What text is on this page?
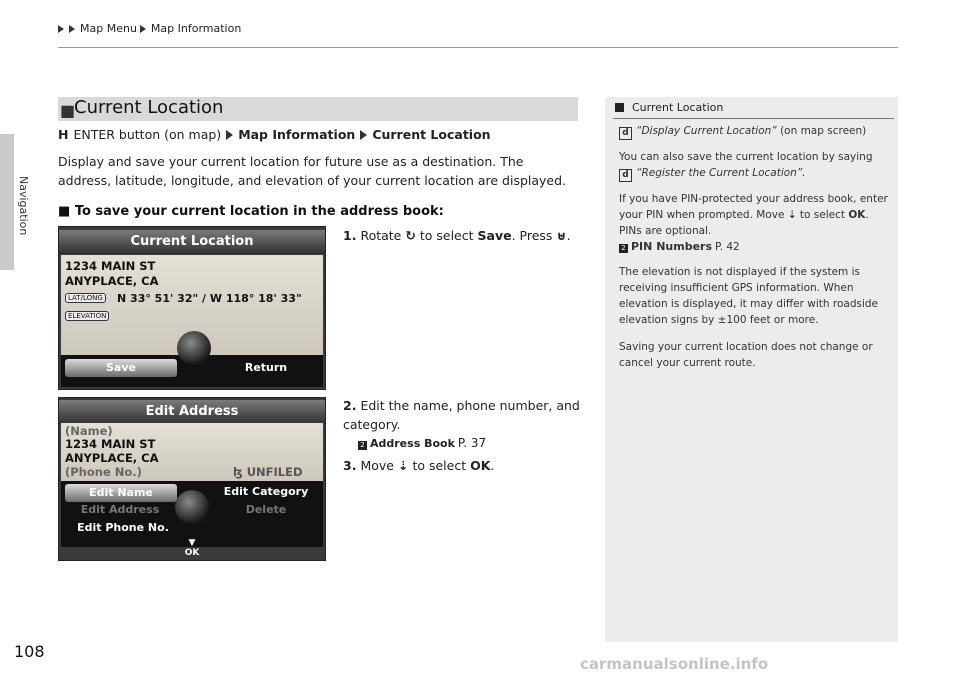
Map Menu Map Information
Navigation
■
Current Location
H ENTER button (on map) Map Information Current Location
Display and save your current location for future use as a destination. The address, latitude, longitude, and elevation of your current location are displayed.
■ To save your current location in the address book:
Current Location
1234 MAIN ST
ANYPLACE, CA
LAT/LONG N 33° 51' 32" / W 118° 18' 33"
ELEVATION
Save	Return
Edit Address
(Name)
1234 MAIN ST
ANYPLACE, CA
(Phone No.)	ɮ UNFILED
Edit Name	Edit Category
Edit Address	Delete
Edit Phone No.
▼
OK
1. Rotate ↻ to select Save. Press ⊍.
2. Edit the name, phone number, and category.
2 Address Book P. 37
3. Move ⇣ to select OK.
Current Location
d “Display Current Location” (on map screen)
You can also save the current location by saying
d “Register the Current Location”.
If you have PIN-protected your address book, enter your PIN when prompted. Move ⇣ to select OK. PINs are optional.
2 PIN Numbers P. 42
The elevation is not displayed if the system is receiving insufficient GPS information. When elevation is displayed, it may differ with roadside elevation signs by ±100 feet or more.
Saving your current location does not change or cancel your current route.
108
carmanualsonline.info
